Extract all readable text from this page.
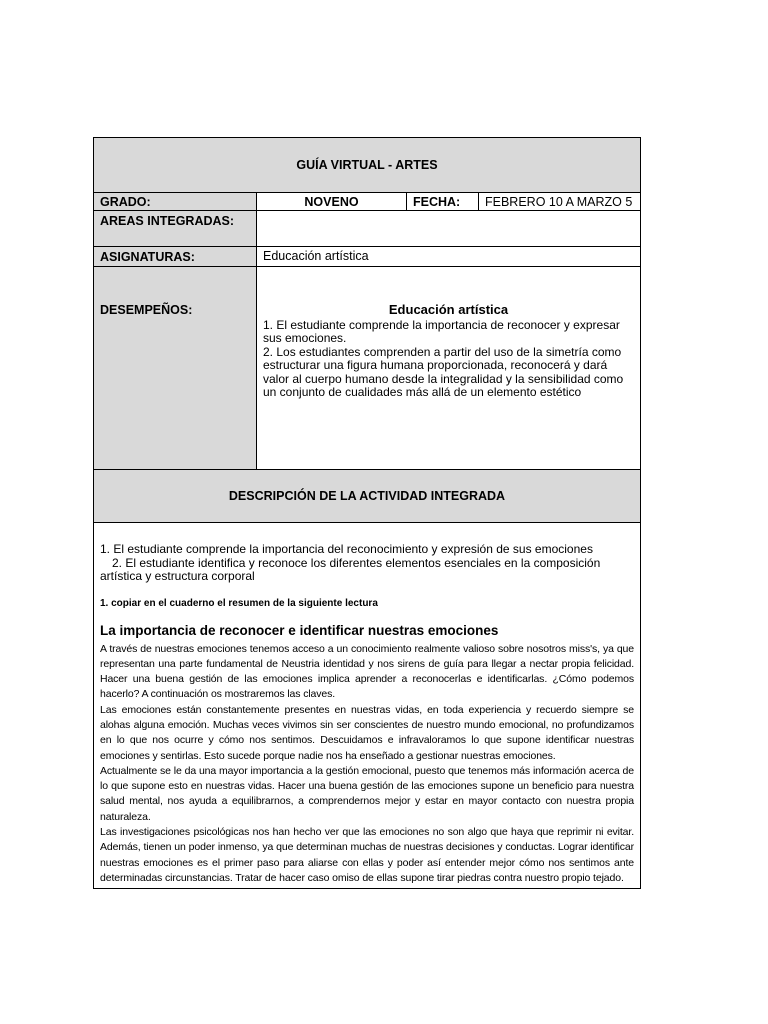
GUÍA VIRTUAL - ARTES
GRADO:	NOVENO	FECHA:	FEBRERO 10 A MARZO 5
AREAS INTEGRADAS:
ASIGNATURAS:	Educación artística
DESEMPEÑOS:	Educación artística
1. El estudiante comprende la importancia de reconocer y expresar sus emociones.
2. Los estudiantes comprenden a partir del uso de la simetría como estructurar una figura humana proporcionada, reconocerá y dará valor al cuerpo humano desde la integralidad y la sensibilidad como un conjunto de cualidades más allá de un elemento estético
DESCRIPCIÓN DE LA ACTIVIDAD INTEGRADA
1. El estudiante comprende la importancia del reconocimiento y expresión de sus emociones
2. El estudiante identifica y reconoce los diferentes elementos esenciales en la composición artística y estructura corporal
1. copiar en el cuaderno el resumen de la siguiente lectura
La importancia de reconocer e identificar nuestras emociones

A través de nuestras emociones tenemos acceso a un conocimiento realmente valioso sobre nosotros miss's, ya que representan una parte fundamental de Neustria identidad y nos sirens de guía para llegar a nectar propia felicidad. Hacer una buena gestión de las emociones implica aprender a reconocerlas e identificarlas. ¿Cómo podemos hacerlo? A continuación os mostraremos las claves.

Las emociones están constantemente presentes en nuestras vidas, en toda experiencia y recuerdo siempre se alohas alguna emoción. Muchas veces vivimos sin ser conscientes de nuestro mundo emocional, no profundizamos en lo que nos ocurre y cómo nos sentimos. Descuidamos e infravaloramos lo que supone identificar nuestras emociones y sentirlas. Esto sucede porque nadie nos ha enseñado a gestionar nuestras emociones.

Actualmente se le da una mayor importancia a la gestión emocional, puesto que tenemos más información acerca de lo que supone esto en nuestras vidas. Hacer una buena gestión de las emociones supone un beneficio para nuestra salud mental, nos ayuda a equilibrarnos, a comprendernos mejor y estar en mayor contacto con nuestra propia naturaleza.

Las investigaciones psicológicas nos han hecho ver que las emociones no son algo que haya que reprimir ni evitar. Además, tienen un poder inmenso, ya que determinan muchas de nuestras decisiones y conductas. Lograr identificar nuestras emociones es el primer paso para aliarse con ellas y poder así entender mejor cómo nos sentimos ante determinadas circunstancias. Tratar de hacer caso omiso de ellas supone tirar piedras contra nuestro propio tejado.
